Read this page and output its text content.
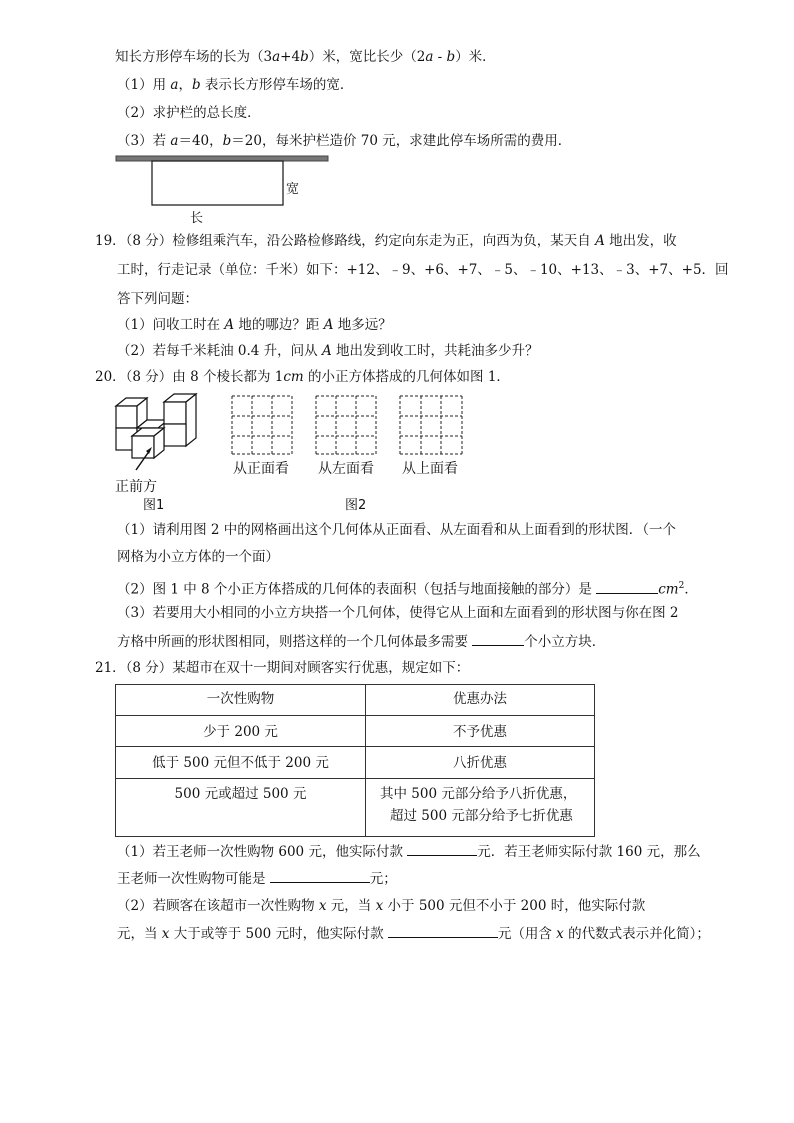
知长方形停车场的长为（3a+4b）米，宽比长少（2a - b）米．
（1）用 a，b 表示长方形停车场的宽．
（2）求护栏的总长度．
（3）若 a＝40，b＝20，每米护栏造价 70 元，求建此停车场所需的费用．
宽
长
19．（8 分）检修组乘汽车，沿公路检修路线，约定向东走为正，向西为负，某天自 A 地出发，收
工时，行走记录（单位：千米）如下：+12、﹣9、+6、+7、﹣5、﹣10、+13、﹣3、+7、+5．回
答下列问题：
（1）问收工时在 A 地的哪边？距 A 地多远？
（2）若每千米耗油 0.4 升，问从 A 地出发到收工时，共耗油多少升？
20．（8 分）由 8 个棱长都为 1cm 的小正方体搭成的几何体如图 1．
正前方
图1
从正面看 从左面看 从上面看
图2
（1）请利用图 2 中的网格画出这个几何体从正面看、从左面看和从上面看到的形状图．（一个
网格为小立方体的一个面）
（2）图 1 中 8 个小正方体搭成的几何体的表面积（包括与地面接触的部分）是	$cm^2$．
（3）若要用大小相同的小立方块搭一个几何体，使得它从上面和左面看到的形状图与你在图 2
方格中所画的形状图相同，则搭这样的一个几何体最多需要	个小立方块．
21．（8 分）某超市在双十一期间对顾客实行优惠，规定如下：
一次性购物	优惠办法

少于 200 元	不予优惠

低于 500 元但不低于 200 元	八折优惠

500 元或超过 500 元	其中 500 元部分给予八折优惠，
超过 500 元部分给予七折优惠
（1）若王老师一次性购物 600 元，他实际付款	元．若王老师实际付款 160 元，那么
王老师一次性购物可能是	元；
（2）若顾客在该超市一次性购物 x 元，当 x 小于 500 元但不小于 200 时，他实际付款
元，当 x 大于或等于 500 元时，他实际付款	元（用含 x 的代数式表示并化简）；
